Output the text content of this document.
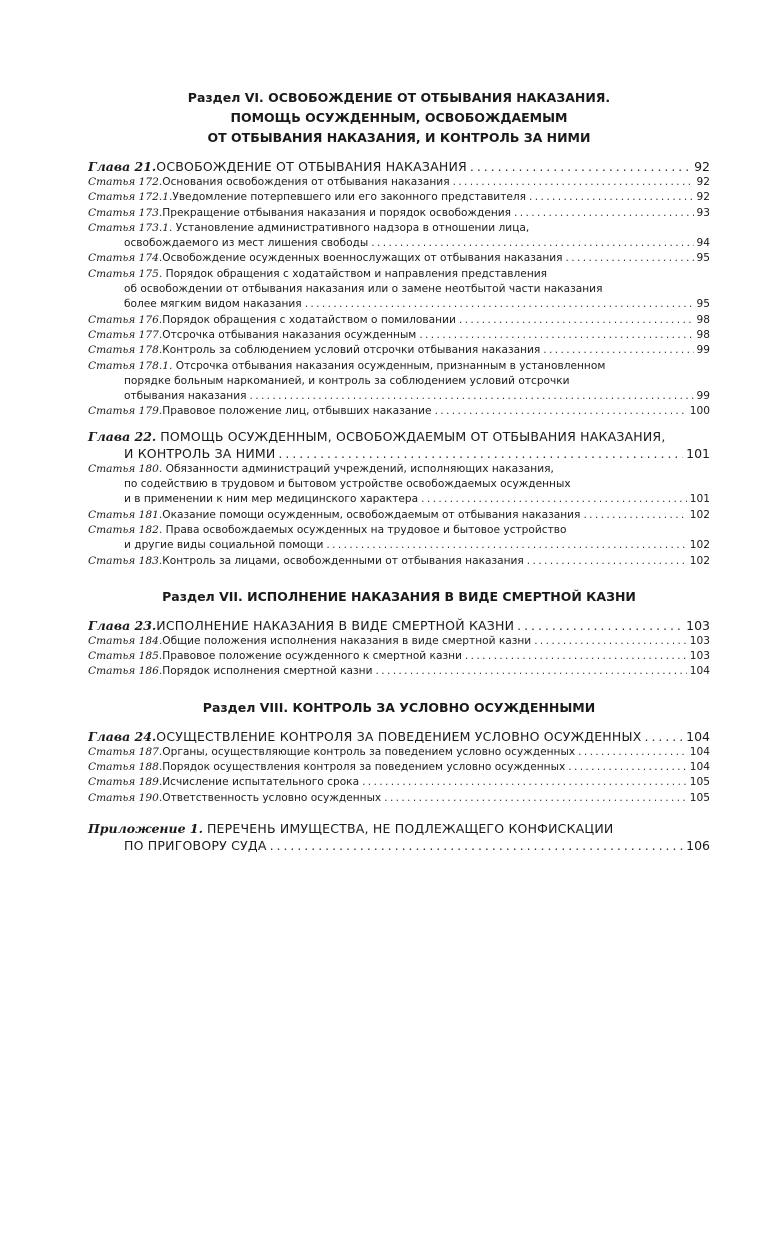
Раздел VI. ОСВОБОЖДЕНИЕ ОТ ОТБЫВАНИЯ НАКАЗАНИЯ.
ПОМОЩЬ ОСУЖДЕННЫМ, ОСВОБОЖДАЕМЫМ
ОТ ОТБЫВАНИЯ НАКАЗАНИЯ, И КОНТРОЛЬ ЗА НИМИ
Глава 21. ОСВОБОЖДЕНИЕ ОТ ОТБЫВАНИЯ НАКАЗАНИЯ . . .	92
Статья 172. Основания освобождения от отбывания наказания . . .	92
Статья 172.1. Уведомление потерпевшего или его законного представителя . . .	92
Статья 173. Прекращение отбывания наказания и порядок освобождения . . .	93
Статья 173.1. Установление административного надзора в отношении лица,
освобождаемого из мест лишения свободы . . .	94
Статья 174. Освобождение осужденных военнослужащих от отбывания наказания . . .	95
Статья 175. Порядок обращения с ходатайством и направления представления
об освобождении от отбывания наказания или о замене неотбытой части наказания
более мягким видом наказания . . .	95
Статья 176. Порядок обращения с ходатайством о помиловании . . .	98
Статья 177. Отсрочка отбывания наказания осужденным . . .	98
Статья 178. Контроль за соблюдением условий отсрочки отбывания наказания . . .	99
Статья 178.1. Отсрочка отбывания наказания осужденным, признанным в установленном
порядке больным наркоманией, и контроль за соблюдением условий отсрочки
отбывания наказания . . .	99
Статья 179. Правовое положение лиц, отбывших наказание . . .	100
Глава 22. ПОМОЩЬ ОСУЖДЕННЫМ, ОСВОБОЖДАЕМЫМ ОТ ОТБЫВАНИЯ НАКАЗАНИЯ,
И КОНТРОЛЬ ЗА НИМИ . . .	101
Статья 180. Обязанности администраций учреждений, исполняющих наказания,
по содействию в трудовом и бытовом устройстве освобождаемых осужденных
и в применении к ним мер медицинского характера . . .	101
Статья 181. Оказание помощи осужденным, освобождаемым от отбывания наказания . . .	102
Статья 182. Права освобождаемых осужденных на трудовое и бытовое устройство
и другие виды социальной помощи . . .	102
Статья 183. Контроль за лицами, освобожденными от отбывания наказания . . .	102
Раздел VII. ИСПОЛНЕНИЕ НАКАЗАНИЯ В ВИДЕ СМЕРТНОЙ КАЗНИ
Глава 23. ИСПОЛНЕНИЕ НАКАЗАНИЯ В ВИДЕ СМЕРТНОЙ КАЗНИ . . .	103
Статья 184. Общие положения исполнения наказания в виде смертной казни . . .	103
Статья 185. Правовое положение осужденного к смертной казни . . .	103
Статья 186. Порядок исполнения смертной казни . . .	104
Раздел VIII. КОНТРОЛЬ ЗА УСЛОВНО ОСУЖДЕННЫМИ
Глава 24. ОСУЩЕСТВЛЕНИЕ КОНТРОЛЯ ЗА ПОВЕДЕНИЕМ УСЛОВНО ОСУЖДЕННЫХ . . .	104
Статья 187. Органы, осуществляющие контроль за поведением условно осужденных . . .	104
Статья 188. Порядок осуществления контроля за поведением условно осужденных . . .	104
Статья 189. Исчисление испытательного срока . . .	105
Статья 190. Ответственность условно осужденных . . .	105
Приложение 1. ПЕРЕЧЕНЬ ИМУЩЕСТВА, НЕ ПОДЛЕЖАЩЕГО КОНФИСКАЦИИ
ПО ПРИГОВОРУ СУДА . . .	106
